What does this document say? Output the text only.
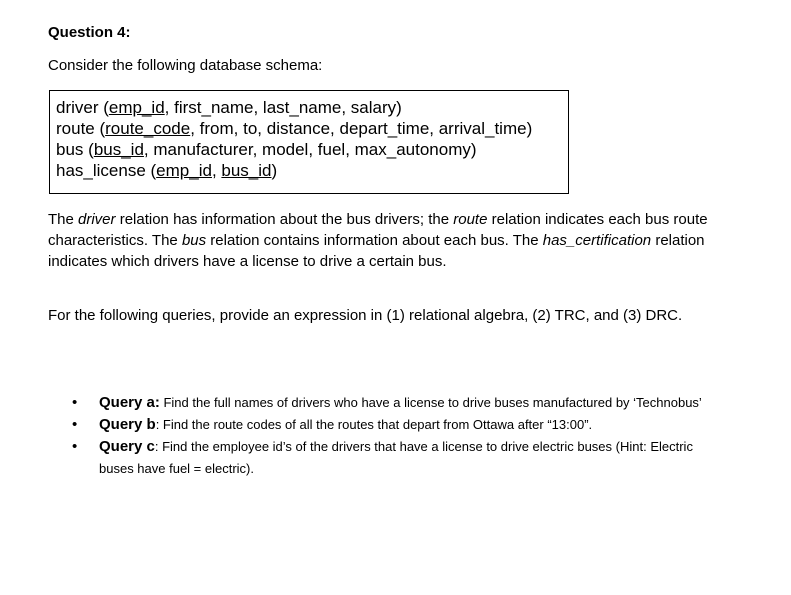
Question 4:
Consider the following database schema:
driver (emp_id, first_name, last_name, salary)
route (route_code, from, to, distance, depart_time, arrival_time)
bus (bus_id, manufacturer, model, fuel, max_autonomy)
has_license (emp_id, bus_id)
The driver relation has information about the bus drivers; the route relation indicates each bus route characteristics. The bus relation contains information about each bus. The has_certification relation indicates which drivers have a license to drive a certain bus.
For the following queries, provide an expression in (1) relational algebra, (2) TRC, and (3) DRC.
• Query a: Find the full names of drivers who have a license to drive buses manufactured by ‘Technobus’
• Query b: Find the route codes of all the routes that depart from Ottawa after “13:00”.
• Query c: Find the employee id’s of the drivers that have a license to drive electric buses (Hint: Electric buses have fuel = electric).
